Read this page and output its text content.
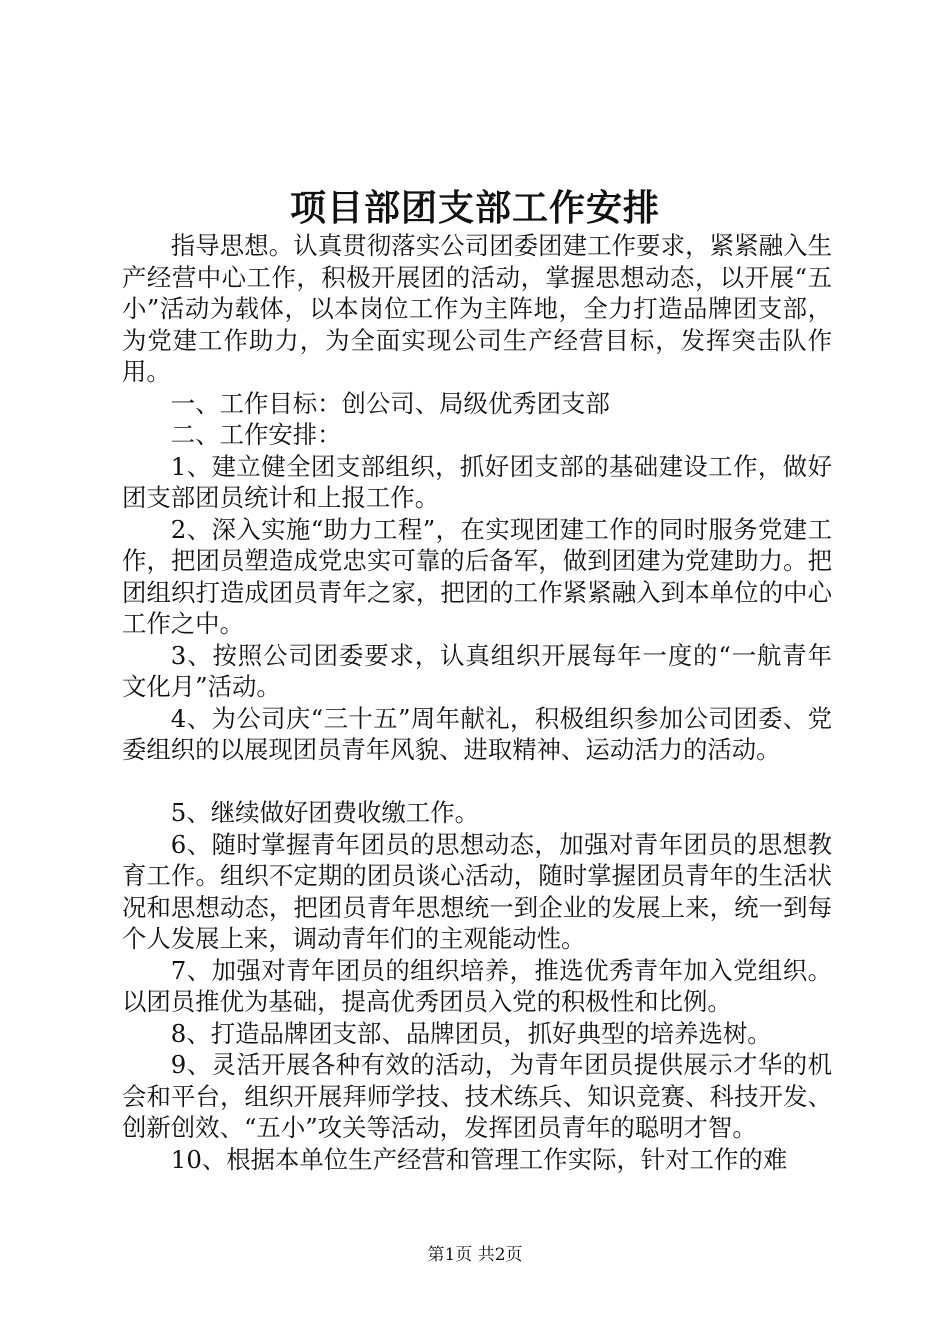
项目部团支部工作安排

指导思想。认真贯彻落实公司团委团建工作要求，紧紧融入生产经营中心工作，积极开展团的活动，掌握思想动态，以开展“五小”活动为载体，以本岗位工作为主阵地，全力打造品牌团支部，为党建工作助力，为全面实现公司生产经营目标，发挥突击队作用。

一、工作目标：创公司、局级优秀团支部

二、工作安排：

1、建立健全团支部组织，抓好团支部的基础建设工作，做好团支部团员统计和上报工作。

2、深入实施“助力工程”，在实现团建工作的同时服务党建工作，把团员塑造成党忠实可靠的后备军，做到团建为党建助力。把团组织打造成团员青年之家，把团的工作紧紧融入到本单位的中心工作之中。

3、按照公司团委要求，认真组织开展每年一度的“一航青年文化月”活动。

4、为公司庆“三十五”周年献礼，积极组织参加公司团委、党委组织的以展现团员青年风貌、进取精神、运动活力的活动。

5、继续做好团费收缴工作。

6、随时掌握青年团员的思想动态，加强对青年团员的思想教育工作。组织不定期的团员谈心活动，随时掌握团员青年的生活状况和思想动态，把团员青年思想统一到企业的发展上来，统一到每个人发展上来，调动青年们的主观能动性。

7、加强对青年团员的组织培养，推选优秀青年加入党组织。以团员推优为基础，提高优秀团员入党的积极性和比例。

8、打造品牌团支部、品牌团员，抓好典型的培养选树。

9、灵活开展各种有效的活动，为青年团员提供展示才华的机会和平台，组织开展拜师学技、技术练兵、知识竞赛、科技开发、创新创效、“五小”攻关等活动，发挥团员青年的聪明才智。

10、根据本单位生产经营和管理工作实际，针对工作的难

第1页 共2页
